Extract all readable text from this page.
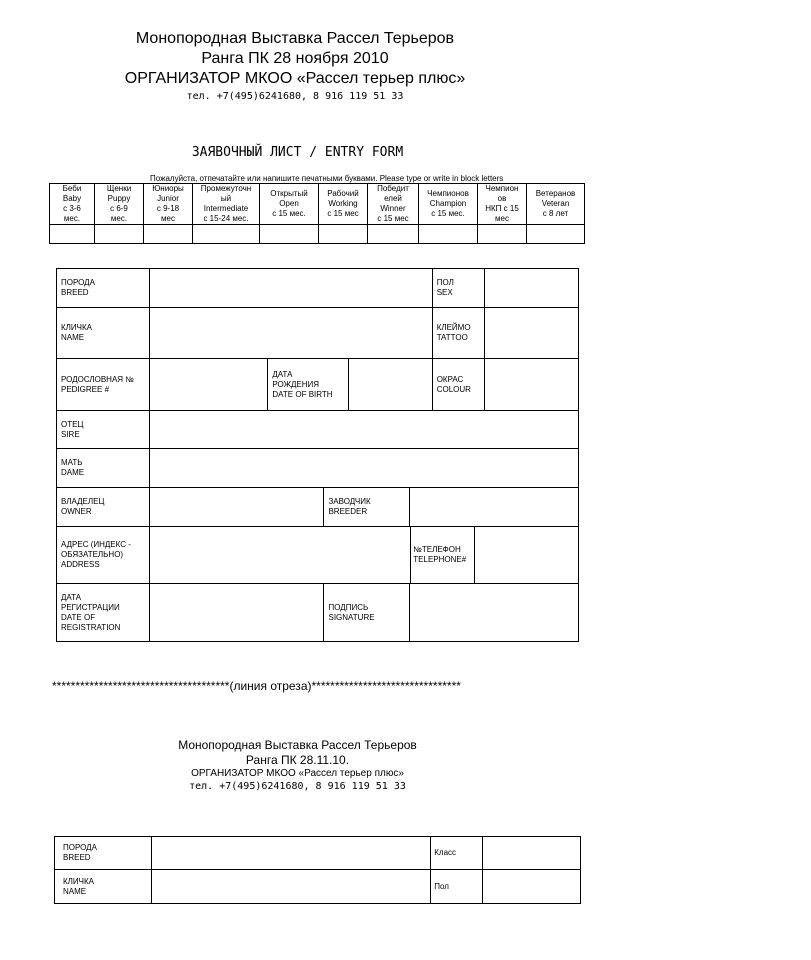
Монопородная Выставка Рассел Терьеров
Ранга ПК 28 ноября 2010
ОРГАНИЗАТОР МКОО «Рассел терьер плюс»
тел. +7(495)6241680, 8 916 119 51 33
ЗАЯВОЧНЫЙ ЛИСТ / ENTRY FORM
Пожалуйста, отпечатайте или напишите печатными буквами. Please type or write in block letters
Беби
Baby
с 3-6
мес.	Щенки
Puppy
с 6-9
мес.	Юниоры
Junior
с 9-18
мес	Промежуточн
ый
Intermediate
с 15-24 мес.	Открытый
Open
с 15 мес.	Рабочий
Working
с 15 мес	Победит
елей
Winner
с 15 мес	Чемпионов
Champion
с 15 мес.	Чемпион
ов
НКП с 15
мес	Ветеранов
Veteran
с 8 лет

ПОРОДА
BREED				ПОЛ
SEX	
КЛИЧКА
NAME				КЛЕЙМО
TATTOO	
РОДОСЛОВНАЯ №
PEDIGREE #		ДАТА
РОЖДЕНИЯ
DATE OF BIRTH		ОКРАС
COLOUR	
ОТЕЦ
SIRE					
МАТЬ
DAME					
ВЛАДЕЛЕЦ
OWNER		ЗАВОДЧИК
BREEDER	
АДРЕС (ИНДЕКС -
ОБЯЗАТЕЛЬНО)
ADDRESS		№ТЕЛЕФОН
TELEPHONE#	
ДАТА
РЕГИСТРАЦИИ
DATE OF
REGISTRATION		ПОДПИСЬ
SIGNATURE	
**************************************(линия отреза)********************************
Монопородная Выставка Рассел Терьеров
Ранга ПК 28.11.10.
ОРГАНИЗАТОР МКОО «Рассел терьер плюс»
тел. +7(495)6241680, 8 916 119 51 33
ПОРОДА
BREED		Класс	
КЛИЧКА
NAME		Пол	
